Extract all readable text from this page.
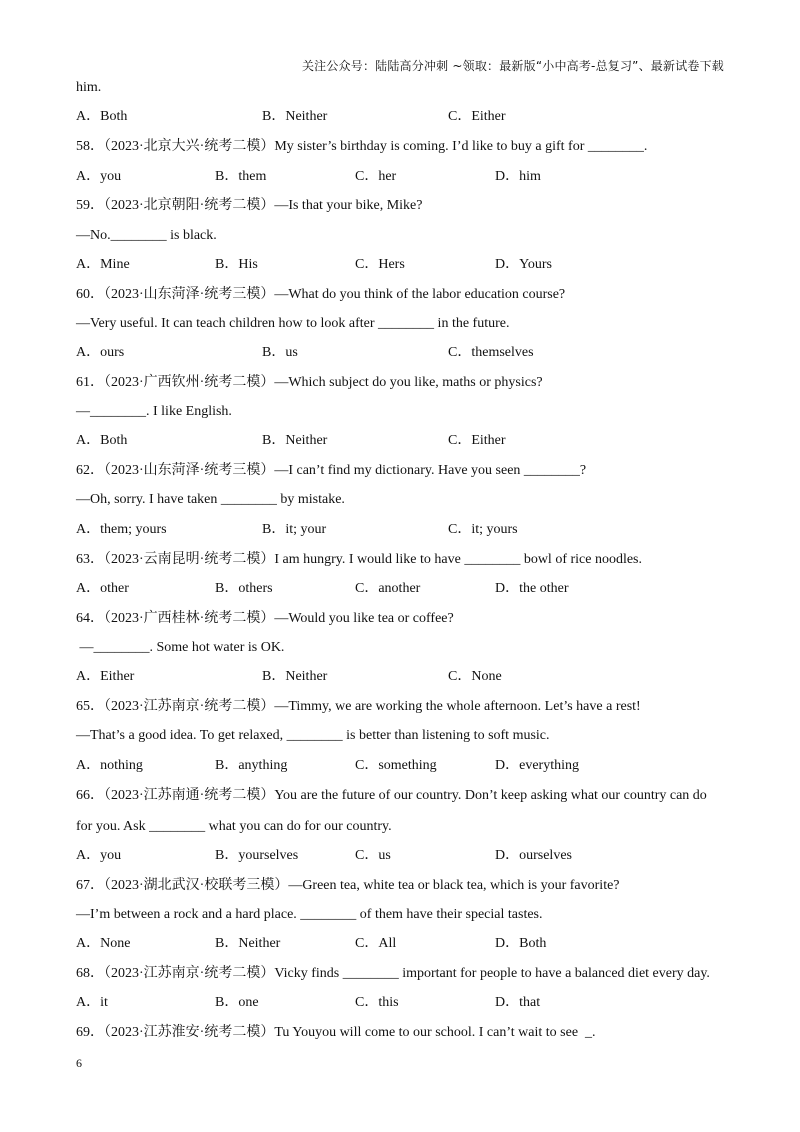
关注公众号：陆陆高分冲刺 ~领取：最新版“小中高考-总复习”、最新试卷下载
him.
58．（2023·北京大兴·统考二模）My sister’s birthday is coming. I’d like to buy a gift for ________.
59．（2023·北京朝阳·统考二模）—Is that your bike, Mike?
—No.________ is black.
60．（2023·山东菏泽·统考三模）—What do you think of the labor education course?
—Very useful. It can teach children how to look after ________ in the future.
61．（2023·广西钦州·统考二模）—Which subject do you like, maths or physics?
—________. I like English.
62．（2023·山东菏泽·统考三模）—I can’t find my dictionary. Have you seen ________?
—Oh, sorry. I have taken ________ by mistake.
63．（2023·云南昆明·统考二模）I am hungry. I would like to have ________ bowl of rice noodles.
64．（2023·广西桂林·统考二模）—Would you like tea or coffee?
—________. Some hot water is OK.
65．（2023·江苏南京·统考二模）—Timmy, we are working the whole afternoon. Let’s have a rest!
—That’s a good idea. To get relaxed, ________ is better than listening to soft music.
66．（2023·江苏南通·统考二模）You are the future of our country. Don’t keep asking what our country can do
for you. Ask ________ what you can do for our country.
67．（2023·湖北武汉·校联考三模）—Green tea, white tea or black tea, which is your favorite?
—I’m between a rock and a hard place. ________ of them have their special tastes.
68．（2023·江苏南京·统考二模）Vicky finds ________ important for people to have a balanced diet every day.
69．（2023·江苏淮安·统考二模）Tu Youyou will come to our school. I can’t wait to see  _.
A．Both	B．Neither	C．Either
A．you	B．them	C．her	D．him
A．Mine	B．His	C．Hers	D．Yours
A．ours	B．us	C．themselves
A．Both	B．Neither	C．Either
A．them; yours	B．it; your	C．it; yours
A．other	B．others	C．another	D．the other
A．Either	B．Neither	C．None
A．nothing	B．anything	C．something	D．everything
A．you	B．yourselves	C．us	D．ourselves
A．None	B．Neither	C．All	D．Both
A．it	B．one	C．this	D．that
6
